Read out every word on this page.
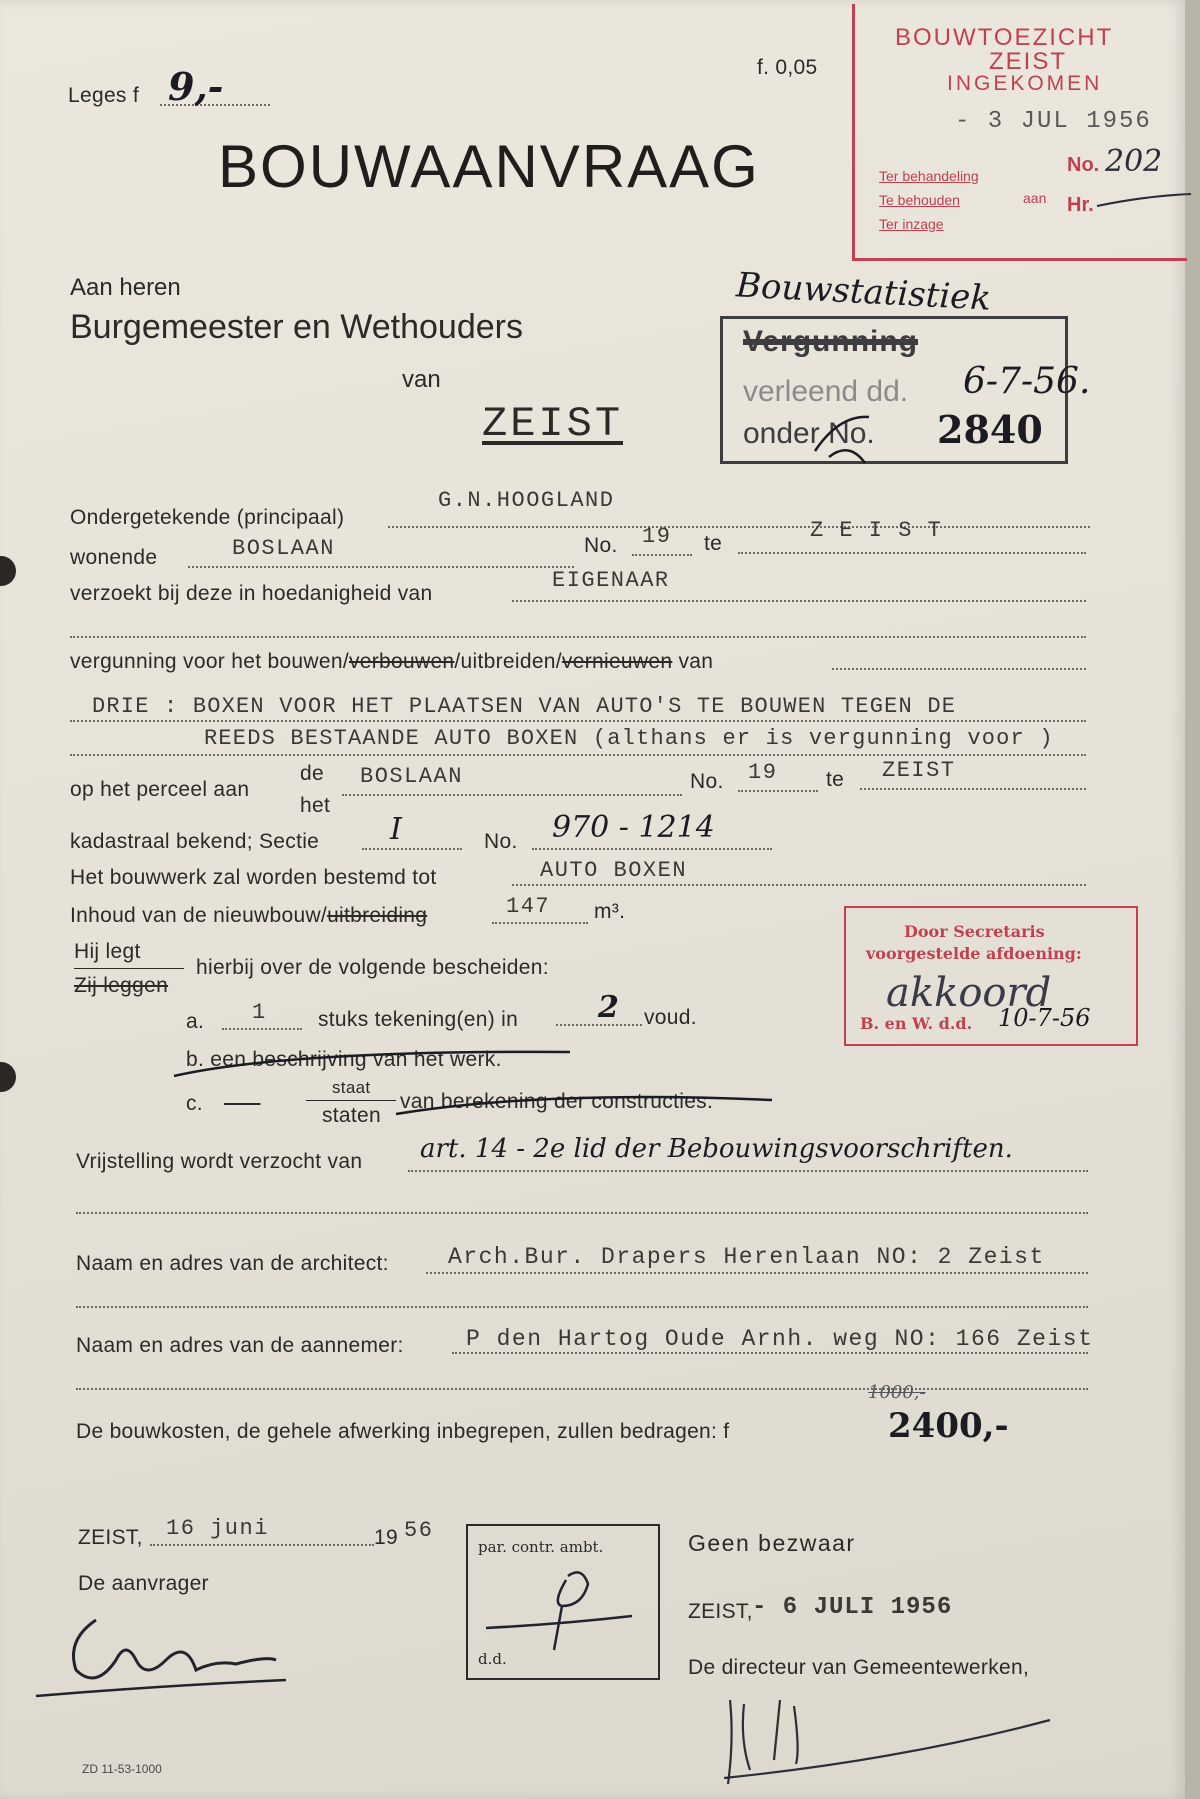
Leges f 9,-	f. 0,05
BOUWAANVRAAG
Aan heren
Burgemeester en Wethouders
van
ZEIST
BOUWTOEZICHT
ZEIST
INGEKOMEN
- 3 JUL 1956
Ter behandeling
Te behouden	aan
Ter inzage
No. 202
Hr.
Bouwstatistiek
Vergunning
verleend dd. 6-7-56.
onder No. 2840
Ondergetekende (principaal)
G.N.HOOGLAND
wonende	BOSLAAN	No. 19 te
Z E I S T
verzoekt bij deze in hoedanigheid van
EIGENAAR
vergunning voor het bouwen/verbouwen/uitbreiden/vernieuwen van
DRIE : BOXEN VOOR HET PLAATSEN VAN AUTO'S TE BOUWEN TEGEN DE
REEDS BESTAANDE AUTO BOXEN (althans er is vergunning voor )
op het perceel aan
de
het
BOSLAAN	No. 19 te ZEIST
kadastraal bekend; Sectie I	No. 970 - 1214
Het bouwwerk zal worden bestemd tot	AUTO BOXEN
Inhoud van de nieuwbouw/uitbreiding	147 m³.
Hij legt
Zij leggen
hierbij over de volgende bescheiden:
a. 1 stuks tekening(en) in	2 voud.
b. een beschrijving van het werk.
c. -----
staat
staten
van berekening der constructies.
Door Secretaris
voorgestelde afdoening:
akkoord
B. en W. d.d. 10-7-56
Vrijstelling wordt verzocht van art. 14 - 2e lid der Bebouwingsvoorschriften.
Naam en adres van de architect:	Arch.Bur. Drapers Herenlaan NO: 2 Zeist
Naam en adres van de aannemer:	P den Hartog Oude Arnh. weg NO: 166 Zeist
1000,-
De bouwkosten, de gehele afwerking inbegrepen, zullen bedragen: f	2400,-
ZEIST, 16 juni	19 56
De aanvrager
ZD 11-53-1000
par. contr. ambt.
d.d.
Geen bezwaar
ZEIST, - 6 JULI 1956
De directeur van Gemeentewerken,
